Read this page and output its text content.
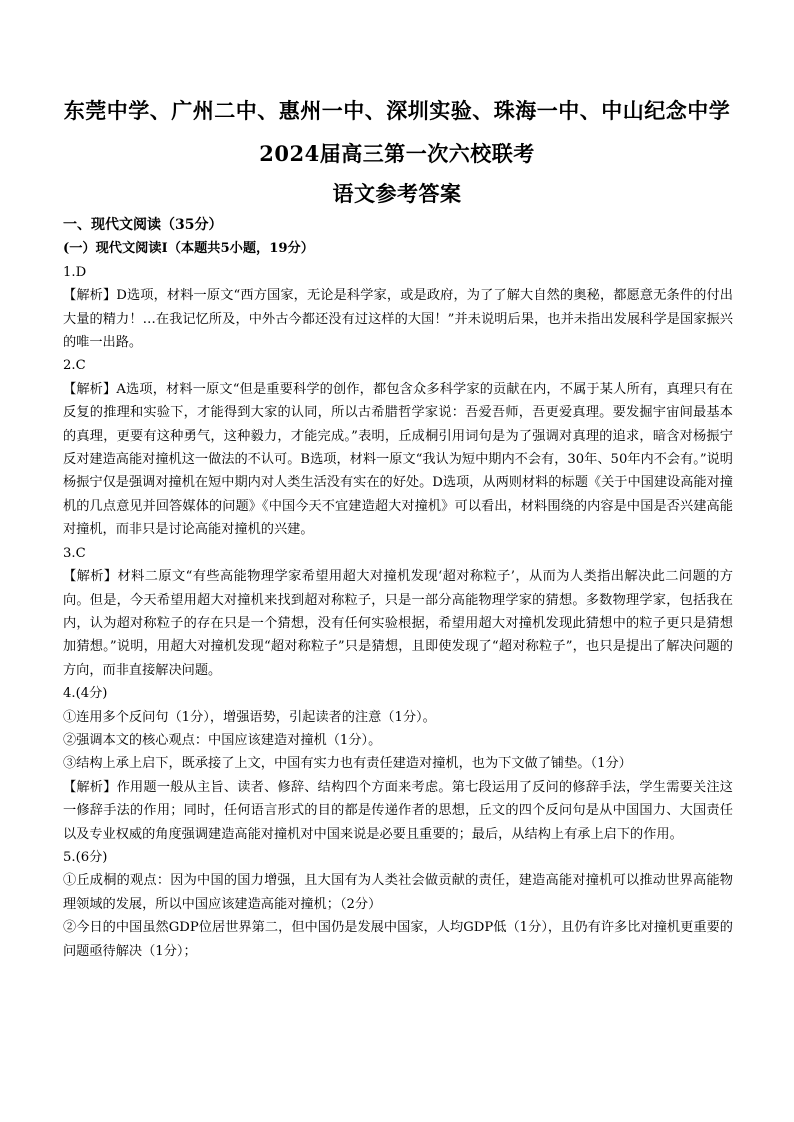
东莞中学、广州二中、惠州一中、深圳实验、珠海一中、中山纪念中学
2024届高三第一次六校联考
语文参考答案

一、现代文阅读（35分）

(一）现代文阅读Ⅰ（本题共5小题，19分）

1.D

【解析】D选项，材料一原文“西方国家，无论是科学家，或是政府，为了了解大自然的奥秘，都愿意无条件的付出大量的精力！…在我记忆所及，中外古今都还没有过这样的大国！”并未说明后果，也并未指出发展科学是国家振兴的唯一出路。

2.C

【解析】A选项，材料一原文“但是重要科学的创作，都包含众多科学家的贡献在内，不属于某人所有，真理只有在反复的推理和实验下，才能得到大家的认同，所以古希腊哲学家说：吾爱吾师，吾更爱真理。要发掘宇宙间最基本的真理，更要有这种勇气，这种毅力，才能完成。”表明，丘成桐引用词句是为了强调对真理的追求，暗含对杨振宁反对建造高能对撞机这一做法的不认可。B选项，材料一原文“我认为短中期内不会有，30年、50年内不会有。”说明杨振宁仅是强调对撞机在短中期内对人类生活没有实在的好处。D选项，从两则材料的标题《关于中国建设高能对撞机的几点意见并回答媒体的问题》《中国今天不宜建造超大对撞机》可以看出，材料围绕的内容是中国是否兴建高能对撞机，而非只是讨论高能对撞机的兴建。

3.C

【解析】材料二原文“有些高能物理学家希望用超大对撞机发现‘超对称粒子’，从而为人类指出解决此二问题的方向。但是，今天希望用超大对撞机来找到超对称粒子，只是一部分高能物理学家的猜想。多数物理学家，包括我在内，认为超对称粒子的存在只是一个猜想，没有任何实验根据，希望用超大对撞机发现此猜想中的粒子更只是猜想加猜想。”说明，用超大对撞机发现“超对称粒子”只是猜想，且即使发现了“超对称粒子”，也只是提出了解决问题的方向，而非直接解决问题。

4.(4分)

①连用多个反问句（1分），增强语势，引起读者的注意（1分）。

②强调本文的核心观点：中国应该建造对撞机（1分）。

③结构上承上启下，既承接了上文，中国有实力也有责任建造对撞机，也为下文做了铺垫。（1分）

【解析】作用题一般从主旨、读者、修辞、结构四个方面来考虑。第七段运用了反问的修辞手法，学生需要关注这一修辞手法的作用；同时，任何语言形式的目的都是传递作者的思想，丘文的四个反问句是从中国国力、大国责任以及专业权威的角度强调建造高能对撞机对中国来说是必要且重要的；最后，从结构上有承上启下的作用。

5.(6分)

①丘成桐的观点：因为中国的国力增强，且大国有为人类社会做贡献的责任，建造高能对撞机可以推动世界高能物理领域的发展，所以中国应该建造高能对撞机；（2分）

②今日的中国虽然GDP位居世界第二，但中国仍是发展中国家，人均GDP低（1分），且仍有许多比对撞机更重要的问题亟待解决（1分）；
